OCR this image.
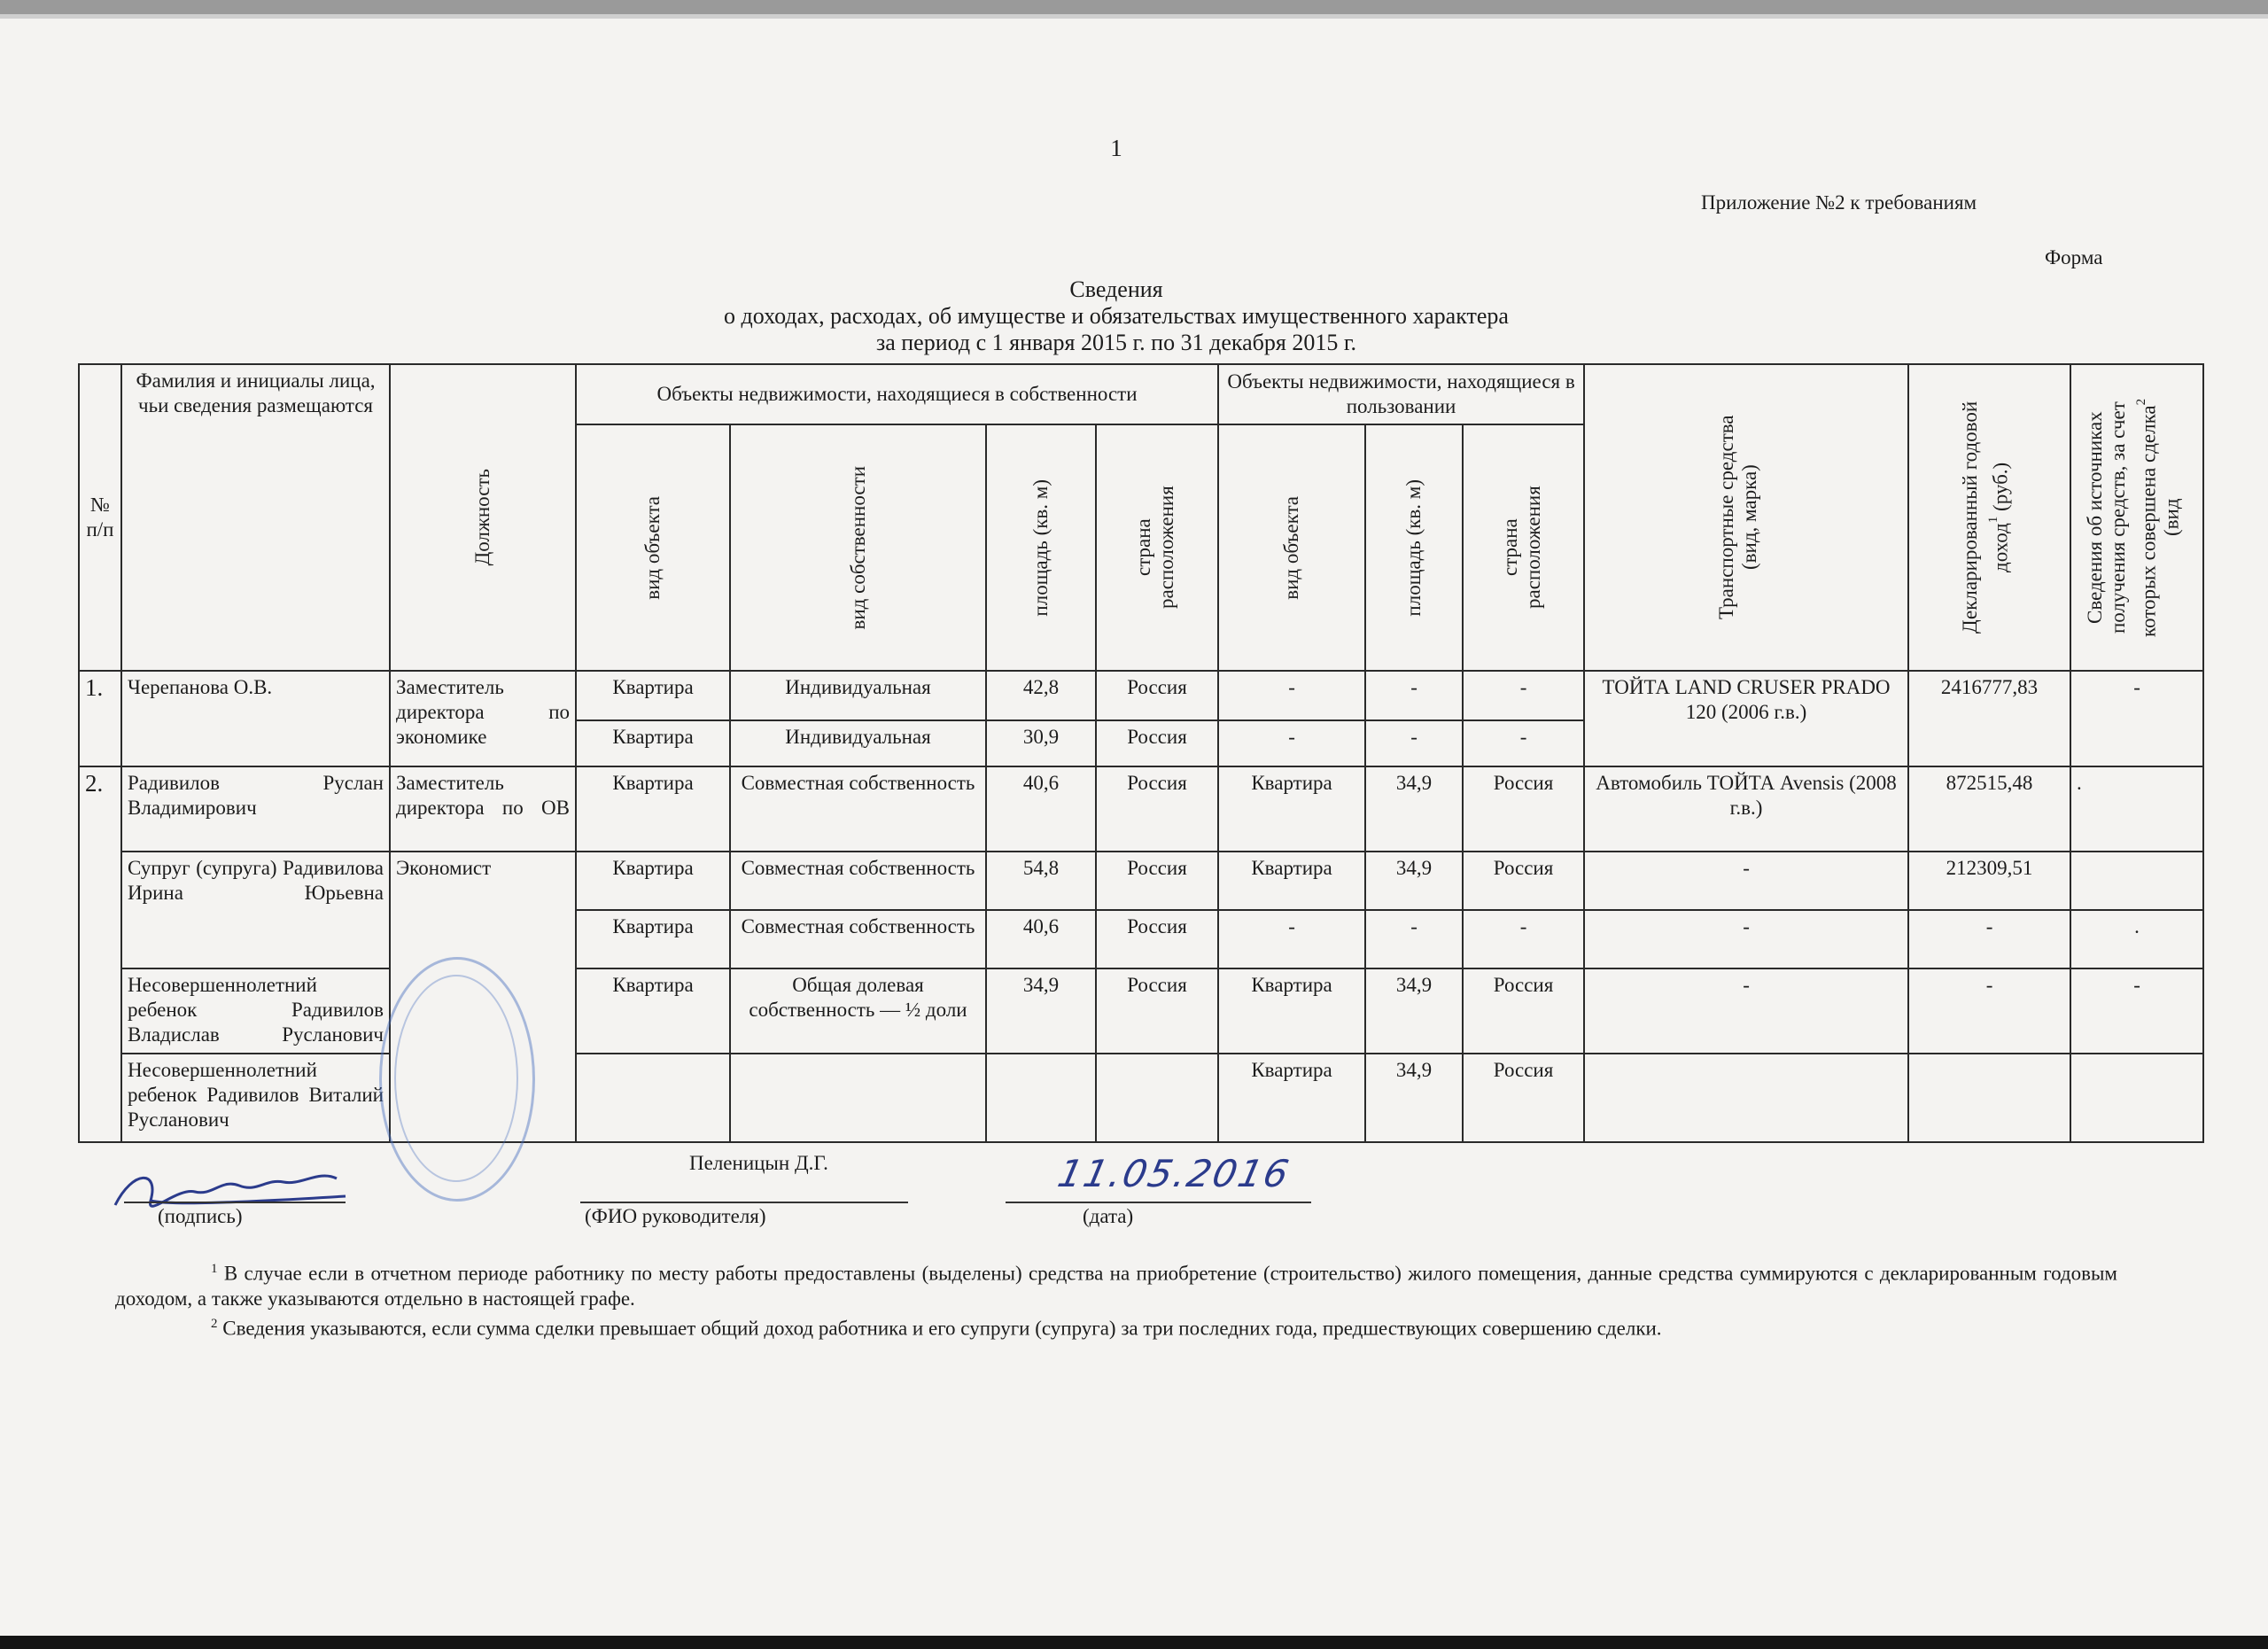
1
Приложение №2 к требованиям
Форма
Сведения
о доходах, расходах, об имуществе и обязательствах имущественного характера
за период с 1 января 2015 г. по 31 декабря 2015 г.
№ п/п	Фамилия и инициалы лица, чьи сведения размещаются	Должность	Объекты недвижимости, находящиеся в собственности				Объекты недвижимости, находящиеся в пользовании			Транспортные средства (вид, марка)	Декларированный годовой доход$^1$ (руб.)	Сведения об источниках получения средств, за счет которых совершена сделка$^2$ (вид

			вид объекта	вид собственности	площадь (кв. м)	страна расположения	вид объекта	площадь (кв. м)	страна расположения			

1.	Черепанова О.В.	Заместитель директора по экономике	Квартира	Индивидуальная	42,8	Россия	-	-	-	ТОЙТА LAND CRUSER PRADO 120 (2006 г.в.)	2416777,83	-
			Квартира	Индивидуальная	30,9	Россия	-	-	-			
2.	Радивилов Руслан Владимирович	Заместитель директора по ОВ	Квартира	Совместная собственность	40,6	Россия	Квартира	34,9	Россия	Автомобиль ТОЙТА Avensis (2008 г.в.)	872515,48	.
	Супруг (супруга) Радивилова Ирина Юрьевна	Экономист	Квартира	Совместная собственность	54,8	Россия	Квартира	34,9	Россия	-	212309,51	
			Квартира	Совместная собственность	40,6	Россия	-	-	-	-	-	.
	Несовершеннолетний ребенок Радивилов Владислав Русланович		Квартира	Общая долевая собственность — ½ доли	34,9	Россия	Квартира	34,9	Россия	-	-	-
	Несовершеннолетний ребенок Радивилов Виталий Русланович						Квартира	34,9	Россия			
Пеленицын Д.Г.	11.05.2016
(подпись)	(ФИО руководителя)	(дата)

$^1$ В случае если в отчетном периоде работнику по месту работы предоставлены (выделены) средства на приобретение (строительство) жилого помещения, данные средства суммируются с декларированным годовым доходом, а также указываются отдельно в настоящей графе.

$^2$ Сведения указываются, если сумма сделки превышает общий доход работника и его супруги (супруга) за три последних года, предшествующих совершению сделки.
